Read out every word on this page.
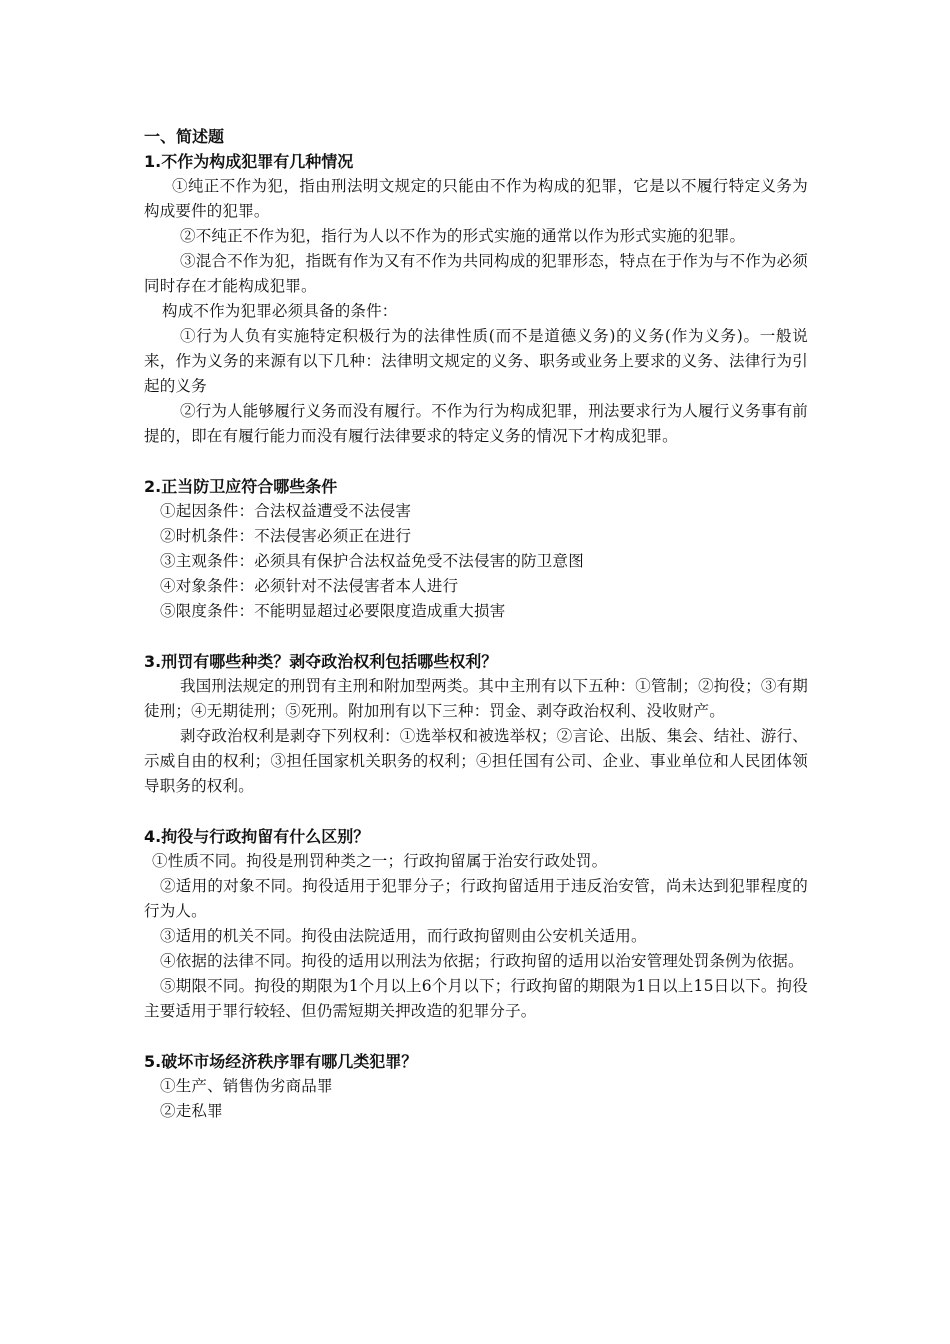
一、简述题
1.不作为构成犯罪有几种情况

①纯正不作为犯，指由刑法明文规定的只能由不作为构成的犯罪，它是以不履行特定义务为构成要件的犯罪。

②不纯正不作为犯，指行为人以不作为的形式实施的通常以作为形式实施的犯罪。

③混合不作为犯，指既有作为又有不作为共同构成的犯罪形态，特点在于作为与不作为必须同时存在才能构成犯罪。

构成不作为犯罪必须具备的条件：

①行为人负有实施特定积极行为的法律性质(而不是道德义务)的义务(作为义务)。一般说来，作为义务的来源有以下几种：法律明文规定的义务、职务或业务上要求的义务、法律行为引起的义务

②行为人能够履行义务而没有履行。不作为行为构成犯罪，刑法要求行为人履行义务事有前提的，即在有履行能力而没有履行法律要求的特定义务的情况下才构成犯罪。

2.正当防卫应符合哪些条件

①起因条件：合法权益遭受不法侵害

②时机条件：不法侵害必须正在进行

③主观条件：必须具有保护合法权益免受不法侵害的防卫意图

④对象条件：必须针对不法侵害者本人进行

⑤限度条件：不能明显超过必要限度造成重大损害

3.刑罚有哪些种类？剥夺政治权利包括哪些权利？

我国刑法规定的刑罚有主刑和附加型两类。其中主刑有以下五种：①管制；②拘役；③有期徒刑；④无期徒刑；⑤死刑。附加刑有以下三种：罚金、剥夺政治权利、没收财产。

剥夺政治权利是剥夺下列权利：①选举权和被选举权；②言论、出版、集会、结社、游行、示威自由的权利；③担任国家机关职务的权利；④担任国有公司、企业、事业单位和人民团体领导职务的权利。

4.拘役与行政拘留有什么区别？

①性质不同。拘役是刑罚种类之一；行政拘留属于治安行政处罚。

②适用的对象不同。拘役适用于犯罪分子；行政拘留适用于违反治安管，尚未达到犯罪程度的行为人。

③适用的机关不同。拘役由法院适用，而行政拘留则由公安机关适用。

④依据的法律不同。拘役的适用以刑法为依据；行政拘留的适用以治安管理处罚条例为依据。

⑤期限不同。拘役的期限为1个月以上6个月以下；行政拘留的期限为1日以上15日以下。拘役主要适用于罪行较轻、但仍需短期关押改造的犯罪分子。

5.破坏市场经济秩序罪有哪几类犯罪？

①生产、销售伪劣商品罪

②走私罪
